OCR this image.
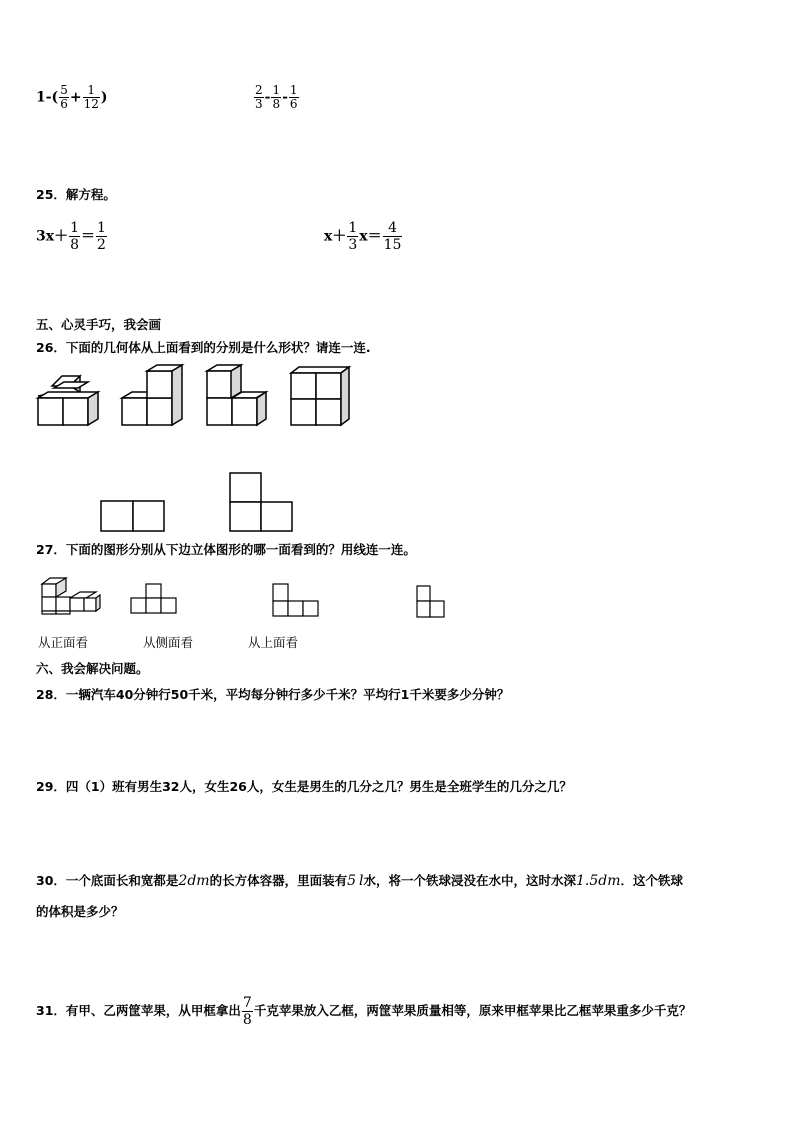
$1-( \frac{5}{6} + \frac{1}{12}$ )	$\frac{2}{3} - \frac{1}{8} - \frac{1}{6}$
25．解方程。
$3x+ \frac{1}{8} = \frac{1}{2}$	$x+ \frac{1}{3} x= \frac{4}{15}$
五、心灵手巧，我会画
26．下面的几何体从上面看到的分别是什么形状？请连一连.
27．下面的图形分别从下边立体图形的哪一面看到的？用线连一连。
从正面看	从侧面看	从上面看
六、我会解决问题。
28．一辆汽车40分钟行50千米，平均每分钟行多少千米？平均行1千米要多少分钟？
29．四（1）班有男生32人，女生26人，女生是男生的几分之几？男生是全班学生的几分之几？
30．一个底面长和宽都是2dm的长方体容器，里面装有5 l水，将一个铁球浸没在水中，这时水深1.5dm．这个铁球
的体积是多少？
31．有甲、乙两筐苹果，从甲框拿出 $\frac{7}{8}$ 千克苹果放入乙框，两筐苹果质量相等，原来甲框苹果比乙框苹果重多少千克？
